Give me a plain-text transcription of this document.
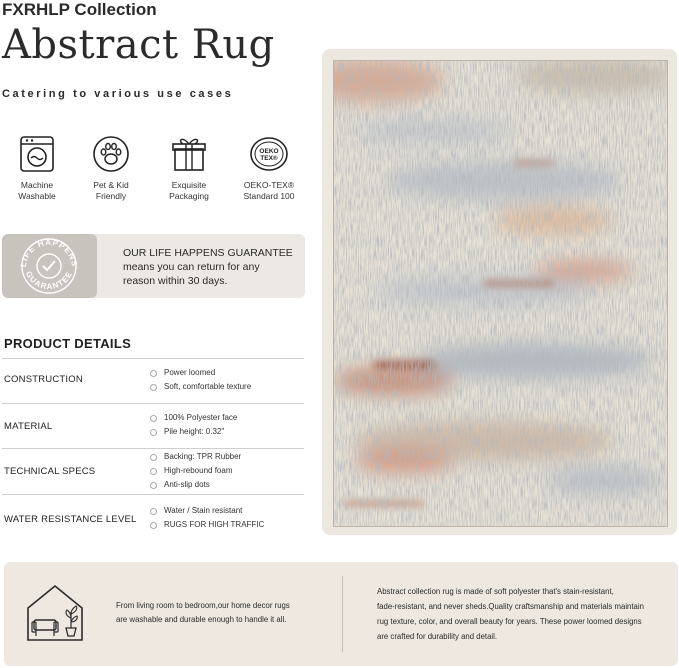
FXRHLP Collection
Abstract Rug
Catering to various use cases
Machine
Washable
Pet & Kid
Friendly
Exquisite
Packaging
OEKO
TEX®
OEKO-TEX®
Standard 100
LIFE HAPPENS
GUARANTEE
OUR LIFE HAPPENS GUARANTEE
means you can return for any
reason within 30 days.
PRODUCT DETAILS
CONSTRUCTION
Power loomed
Soft, comfortable texture
MATERIAL
100% Polyester face
Pile height: 0.32"
TECHNICAL SPECS
Backing: TPR Rubber
High-rebound foam
Anti-slip dots
WATER RESISTANCE LEVEL
Water / Stain resistant
RUGS FOR HIGH TRAFFIC
From living room to bedroom,our home decor rugs
are washable and durable enough to handle it all.
Abstract collection rug is made of soft polyester that's stain-resistant,
fade-resistant, and never sheds.Quality craftsmanship and materials maintain
rug texture, color, and overall beauty for years. These power loomed designs
are crafted for durability and detail.
